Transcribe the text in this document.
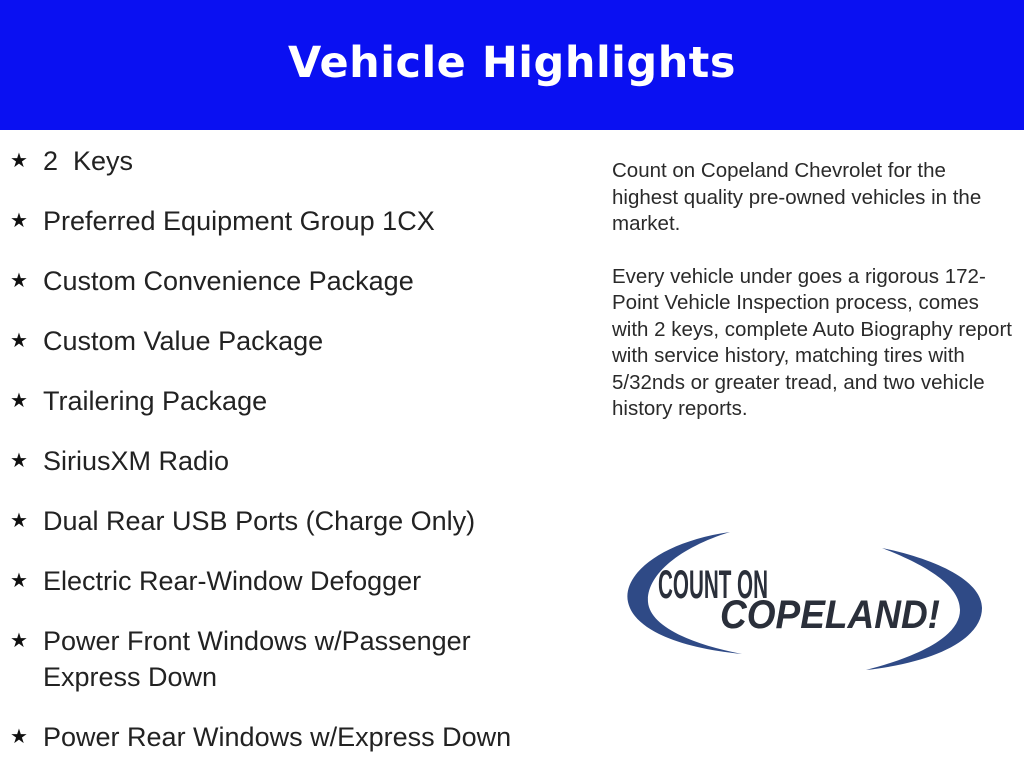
Vehicle Highlights
★ 2  Keys
★ Preferred Equipment Group 1CX
★ Custom Convenience Package
★ Custom Value Package
★ Trailering Package
★ SiriusXM Radio
★ Dual Rear USB Ports (Charge Only)
★ Electric Rear-Window Defogger
★ Power Front Windows w/Passenger
Express Down
★ Power Rear Windows w/Express Down

Count on Copeland Chevrolet for the highest quality pre-owned vehicles in the market.

Every vehicle under goes a rigorous 172-Point Vehicle Inspection process, comes with 2 keys, complete Auto Biography report with service history, matching tires with 5/32nds or greater tread, and two vehicle history reports.

COUNT ON
COPELAND!
